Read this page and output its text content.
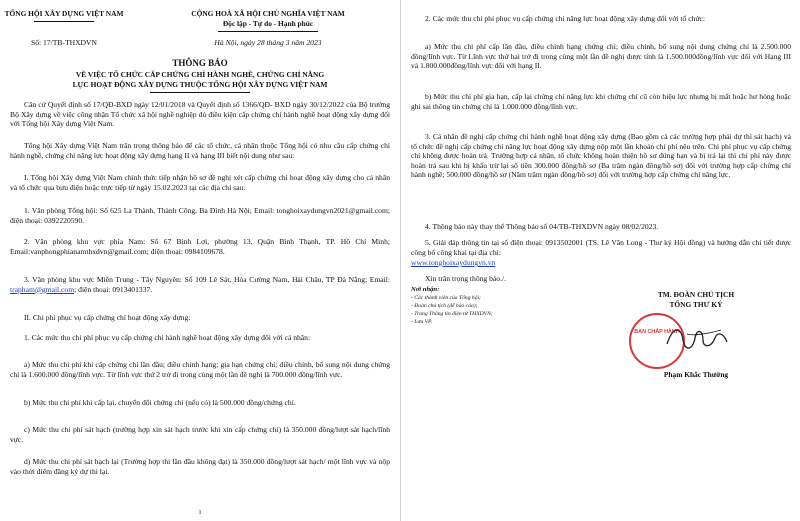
TỔNG HỘI XÂY DỰNG VIỆT NAM	CỘNG HOÀ XÃ HỘI CHỦ NGHĨA VIỆT NAM

Độc lập - Tự do - Hạnh phúc

Số: 17/TB-THXDVN	Hà Nội, ngày 28 tháng 3 năm 2023

THÔNG BÁO

VỀ VIỆC TỔ CHỨC CẤP CHỨNG CHỈ HÀNH NGHỀ, CHỨNG CHỈ NĂNG

LỰC HOẠT ĐỘNG XÂY DỰNG THUỘC TỔNG HỘI XÂY DỰNG VIỆT NAM

Căn cứ Quyết định số 17/QĐ-BXD ngày 12/01/2018 và Quyết định số 1366/QĐ- BXD ngày 30/12/2022 của Bộ trưởng Bộ Xây dựng về việc công nhận Tổ chức xã hội nghề nghiệp đủ điều kiện cấp chứng chỉ hành nghề hoạt động xây dựng đối với Tổng hội Xây dựng Việt Nam.

Tổng hội Xây dựng Việt Nam trân trọng thông báo để các tổ chức, cá nhân thuộc Tổng hội có nhu cầu cấp chứng chỉ hành nghề, chứng chỉ năng lực hoạt động xây dựng hạng II và hạng III biết nội dung như sau:

I. Tổng hội Xây dựng Việt Nam chính thức tiếp nhận hồ sơ đề nghị xét cấp chứng chỉ hoạt động xây dựng cho cả nhân và tổ chức qua bưu điện hoặc trực tiếp từ ngày 15.02.2023 tại các địa chỉ sau:

1. Văn phòng Tổng hội: Số 625 La Thành, Thành Công, Ba Đình Hà Nội; Email: tonghoixaydungvn2021@gmail.com; điện thoại: 0392220590.

2. Văn phòng khu vực phía Nam: Số 67 Bình Lợi, phường 13, Quận Bình Thạnh, TP. Hồ Chí Minh; Email:vanphongphianamthxdvn@gmail.com; điện thoại: 0984109678.

3. Văn phòng khu vực Miền Trung - Tây Nguyên: Số 109 Lê Sát, Hòa Cường Nam, Hải Châu, TP Đà Nẵng; Email: trapham@gmail.com; điện thoại: 0913401337.

II. Chi phí phục vụ cấp chứng chỉ hoạt động xây dựng:

1. Các mức thu chi phí phục vụ cấp chứng chỉ hành nghề hoạt động xây dựng đối với cá nhân:

a) Mức thu chi phí khi cấp chứng chỉ lần đầu; điều chỉnh hạng; gia hạn chứng chỉ; điều chỉnh, bổ sung nội dung chứng chỉ là 1.600.000 đồng/lĩnh vực. Từ lĩnh vực thứ 2 trở đi trong cùng một lần đề nghị là 700.000 đồng/lĩnh vực.

b) Mức thu chi phí khi cấp lại, chuyển đổi chứng chỉ (nếu có) là 500.000 đồng/chứng chỉ.

c) Mức thu chi phí sát hạch (trường hợp xin sát hạch trước khi xin cấp chứng chỉ) là 350.000 đồng/lượt sát hạch/lĩnh vực.

d) Mức thu chi phí sát hạch lại (Trường hợp thi lần đầu không đạt) là 350.000 đồng/lượt sát hạch/ một lĩnh vực và nộp vào thời điểm đăng ký dự thi lại.

1

2. Các mức thu chi phí phục vụ cấp chứng chỉ năng lực hoạt động xây dựng đối với tổ chức:

a) Mức thu chi phí cấp lần đầu, điều chỉnh hạng chứng chỉ; điều chỉnh, bổ sung nội dung chứng chỉ là 2.500.000 đồng/lĩnh vực. Từ Lĩnh vực thứ hai trở đi trong cùng một lần đề nghị được tính là 1.500.000đồng/lĩnh vực đối với Hạng III và 1.800.000đồng/lĩnh vực đối với hạng II.

b) Mức thu chi phí gia hạn, cấp lại chứng chỉ năng lực khi chứng chỉ cũ còn hiệu lực nhưng bị mất hoặc hư hỏng hoặc ghi sai thông tin chứng chỉ là 1.000.000 đồng/lĩnh vực.

3. Cá nhân đề nghị cấp chứng chỉ hành nghề hoạt động xây dựng (Bao gồm cả các trường hợp phải dự thi sát hạch) và tổ chức đề nghị cấp chứng chỉ năng lực hoạt động xây dựng nộp một lần khoản chi phí nêu trên. Chi phí phục vụ cấp chứng chỉ không được hoàn trả. Trường hợp cá nhân, tổ chức không hoàn thiện hồ sơ đúng hạn và bị trả lại thì chi phí này được hoàn trả sau khi bị khấu trừ lại số tiền 300.000 đồng/hồ sơ (Ba trăm ngàn đồng/hồ sơ) đối với trường hợp cấp chứng chỉ hành nghề; 500.000 đồng/hồ sơ (Năm trăm ngàn đồng/hồ sơ) đối với trường hợp cấp chứng chỉ năng lực.

4. Thông báo này thay thế Thông báo số 04/TB-THXDVN ngày 08/02/2023.

5. Giải đáp thông tin tại số điện thoại: 0913502001 (TS. Lê Văn Long - Thư ký Hội đồng) và hướng dẫn chi tiết được công bố công khai tại địa chỉ:

www.tonghoixaydungvn.vn

Xin trân trọng thông báo./.

Nơi nhận:

- Các thành viên của Tổng hội;

- Đoàn chủ tịch (để báo cáo);

- Trang Thông tin điện tử THXDVN;

- Lưu VP.

TM. ĐOÀN CHỦ TỊCH

TỔNG THƯ KÝ

BAN CHẤP HÀNH

Phạm Khắc Thường
